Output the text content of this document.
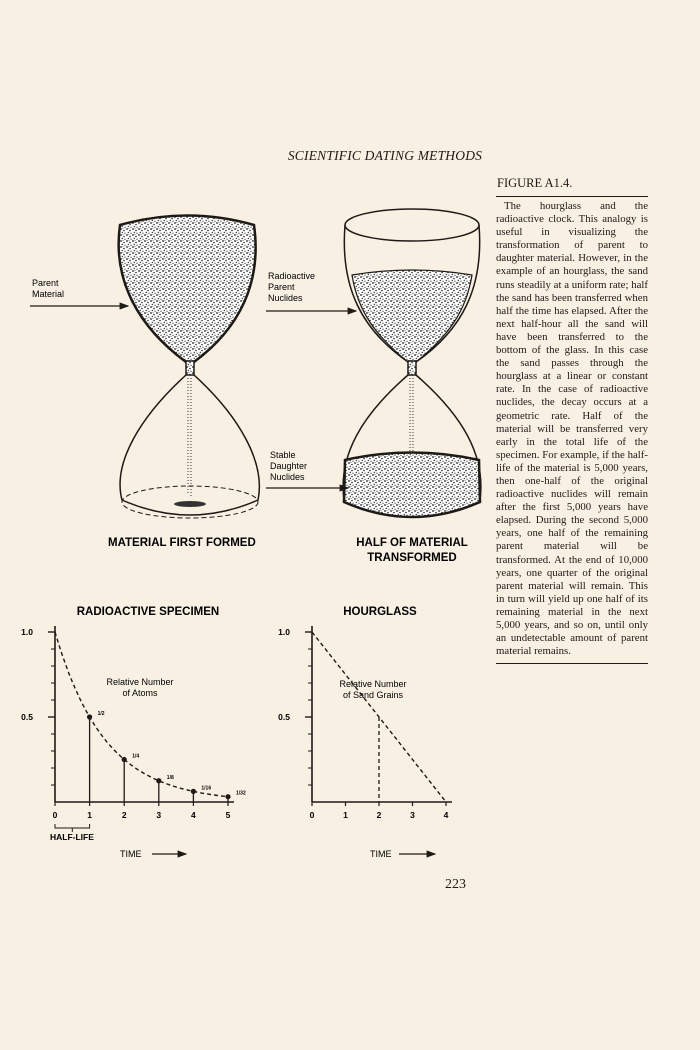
SCIENTIFIC DATING METHODS
FIGURE A1.4.

The hourglass and the radioactive clock. This analogy is useful in visualizing the transformation of parent to daughter material. However, in the example of an hourglass, the sand runs steadily at a uniform rate; half the sand has been transferred when half the time has elapsed. After the next half-hour all the sand will have been transferred to the bottom of the glass. In this case the sand passes through the hourglass at a linear or constant rate. In the case of radioactive nuclides, the decay occurs at a geometric rate. Half of the material will be transferred very early in the total life of the specimen. For example, if the half-life of the material is 5,000 years, then one-half of the original radioactive nuclides will remain after the first 5,000 years have elapsed. During the second 5,000 years, one half of the remaining parent material will be transformed. At the end of 10,000 years, one quarter of the original parent material will remain. This in turn will yield up one half of its remaining material in the next 5,000 years, and so on, until only an undetectable amount of parent material remains.

223
Parent
Material
MATERIAL FIRST FORMED
Radioactive
Parent
Nuclides
Stable
Daughter
Nuclides
HALF OF MATERIAL
TRANSFORMED
RADIOACTIVE SPECIMEN
Relative Number
of Atoms
HALF-LIFE
TIME
0.5
1.0
0	1	2	3	4	5
1/2
1/4
1/8
1/16
1/32
HOURGLASS
Relative Number
of Sand Grains
TIME
0.5
1.0
0	1	2	3	4
